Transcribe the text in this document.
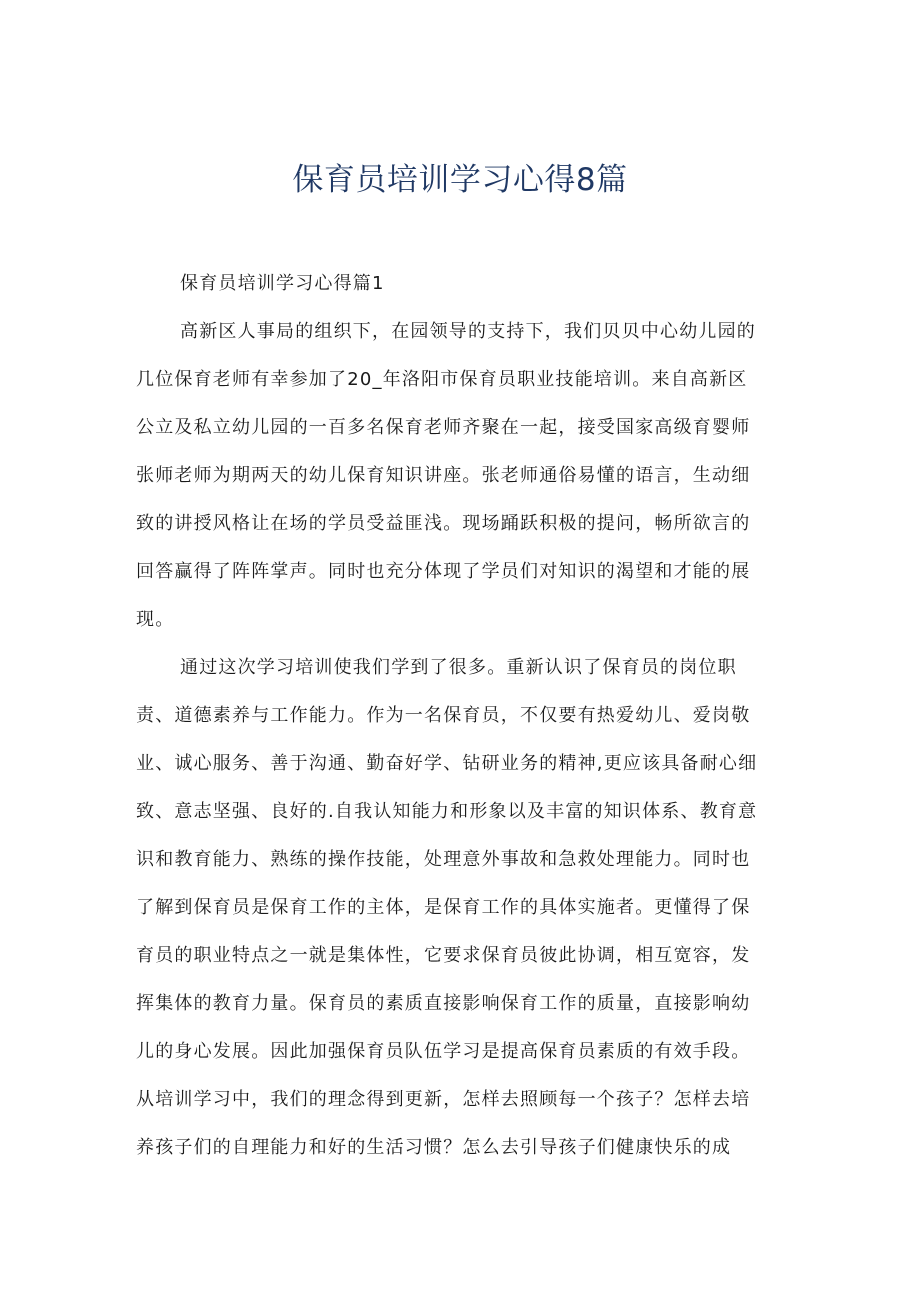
保育员培训学习心得8篇
保育员培训学习心得篇1
高新区人事局的组织下，在园领导的支持下，我们贝贝中心幼儿园的
几位保育老师有幸参加了20_年洛阳市保育员职业技能培训。来自高新区
公立及私立幼儿园的一百多名保育老师齐聚在一起，接受国家高级育婴师
张师老师为期两天的幼儿保育知识讲座。张老师通俗易懂的语言，生动细
致的讲授风格让在场的学员受益匪浅。现场踊跃积极的提问，畅所欲言的
回答赢得了阵阵掌声。同时也充分体现了学员们对知识的渴望和才能的展
现。
通过这次学习培训使我们学到了很多。重新认识了保育员的岗位职
责、道德素养与工作能力。作为一名保育员，不仅要有热爱幼儿、爱岗敬
业、诚心服务、善于沟通、勤奋好学、钻研业务的精神,更应该具备耐心细
致、意志坚强、良好的.自我认知能力和形象以及丰富的知识体系、教育意
识和教育能力、熟练的操作技能，处理意外事故和急救处理能力。同时也
了解到保育员是保育工作的主体，是保育工作的具体实施者。更懂得了保
育员的职业特点之一就是集体性，它要求保育员彼此协调，相互宽容，发
挥集体的教育力量。保育员的素质直接影响保育工作的质量，直接影响幼
儿的身心发展。因此加强保育员队伍学习是提高保育员素质的有效手段。
从培训学习中，我们的理念得到更新，怎样去照顾每一个孩子？怎样去培
养孩子们的自理能力和好的生活习惯？怎么去引导孩子们健康快乐的成
